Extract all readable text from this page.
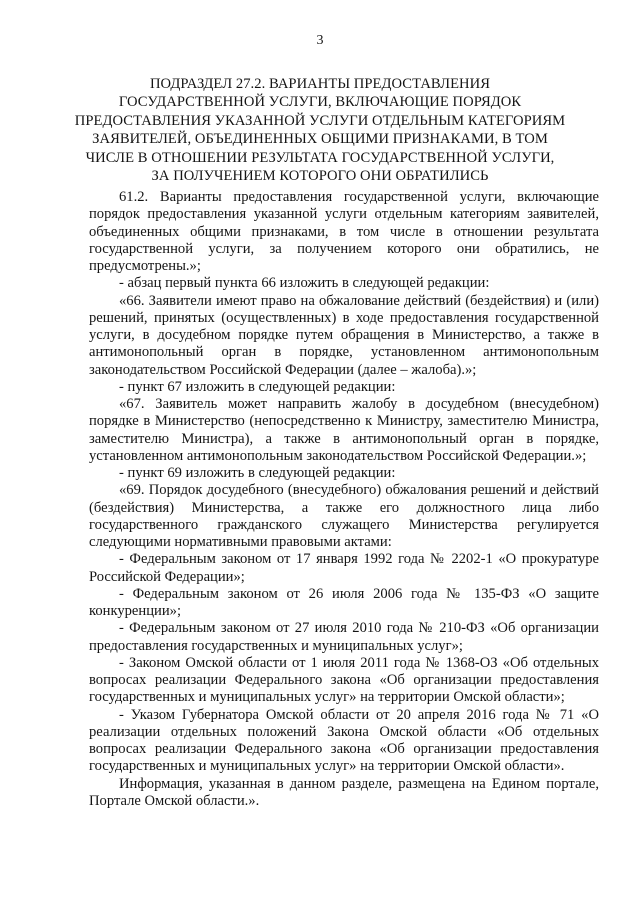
3
ПОДРАЗДЕЛ 27.2. ВАРИАНТЫ ПРЕДОСТАВЛЕНИЯ
ГОСУДАРСТВЕННОЙ УСЛУГИ, ВКЛЮЧАЮЩИЕ ПОРЯДОК
ПРЕДОСТАВЛЕНИЯ УКАЗАННОЙ УСЛУГИ ОТДЕЛЬНЫМ КАТЕГОРИЯМ
ЗАЯВИТЕЛЕЙ, ОБЪЕДИНЕННЫХ ОБЩИМИ ПРИЗНАКАМИ, В ТОМ
ЧИСЛЕ В ОТНОШЕНИИ РЕЗУЛЬТАТА ГОСУДАРСТВЕННОЙ УСЛУГИ,
ЗА ПОЛУЧЕНИЕМ КОТОРОГО ОНИ ОБРАТИЛИСЬ

61.2. Варианты предоставления государственной услуги, включающие порядок предоставления указанной услуги отдельным категориям заявителей, объединенных общими признаками, в том числе в отношении результата государственной услуги, за получением которого они обратились, не предусмотрены.»;

- абзац первый пункта 66 изложить в следующей редакции:

«66. Заявители имеют право на обжалование действий (бездействия) и (или) решений, принятых (осуществленных) в ходе предоставления государственной услуги, в досудебном порядке путем обращения в Министерство, а также в антимонопольный орган в порядке, установленном антимонопольным законодательством Российской Федерации (далее – жалоба).»;

- пункт 67 изложить в следующей редакции:

«67. Заявитель может направить жалобу в досудебном (внесудебном) порядке в Министерство (непосредственно к Министру, заместителю Министра, заместителю Министра), а также в антимонопольный орган в порядке, установленном антимонопольным законодательством Российской Федерации.»;

- пункт 69 изложить в следующей редакции:

«69. Порядок досудебного (внесудебного) обжалования решений и действий (бездействия) Министерства, а также его должностного лица либо государственного гражданского служащего Министерства регулируется следующими нормативными правовыми актами:

- Федеральным законом от 17 января 1992 года № 2202-1 «О прокуратуре Российской Федерации»;

- Федеральным законом от 26 июля 2006 года № 135-ФЗ «О защите конкуренции»;

- Федеральным законом от 27 июля 2010 года № 210-ФЗ «Об организации предоставления государственных и муниципальных услуг»;

- Законом Омской области от 1 июля 2011 года № 1368-ОЗ «Об отдельных вопросах реализации Федерального закона «Об организации предоставления государственных и муниципальных услуг» на территории Омской области»;

- Указом Губернатора Омской области от 20 апреля 2016 года № 71 «О реализации отдельных положений Закона Омской области «Об отдельных вопросах реализации Федерального закона «Об организации предоставления государственных и муниципальных услуг» на территории Омской области».

Информация, указанная в данном разделе, размещена на Едином портале, Портале Омской области.».
